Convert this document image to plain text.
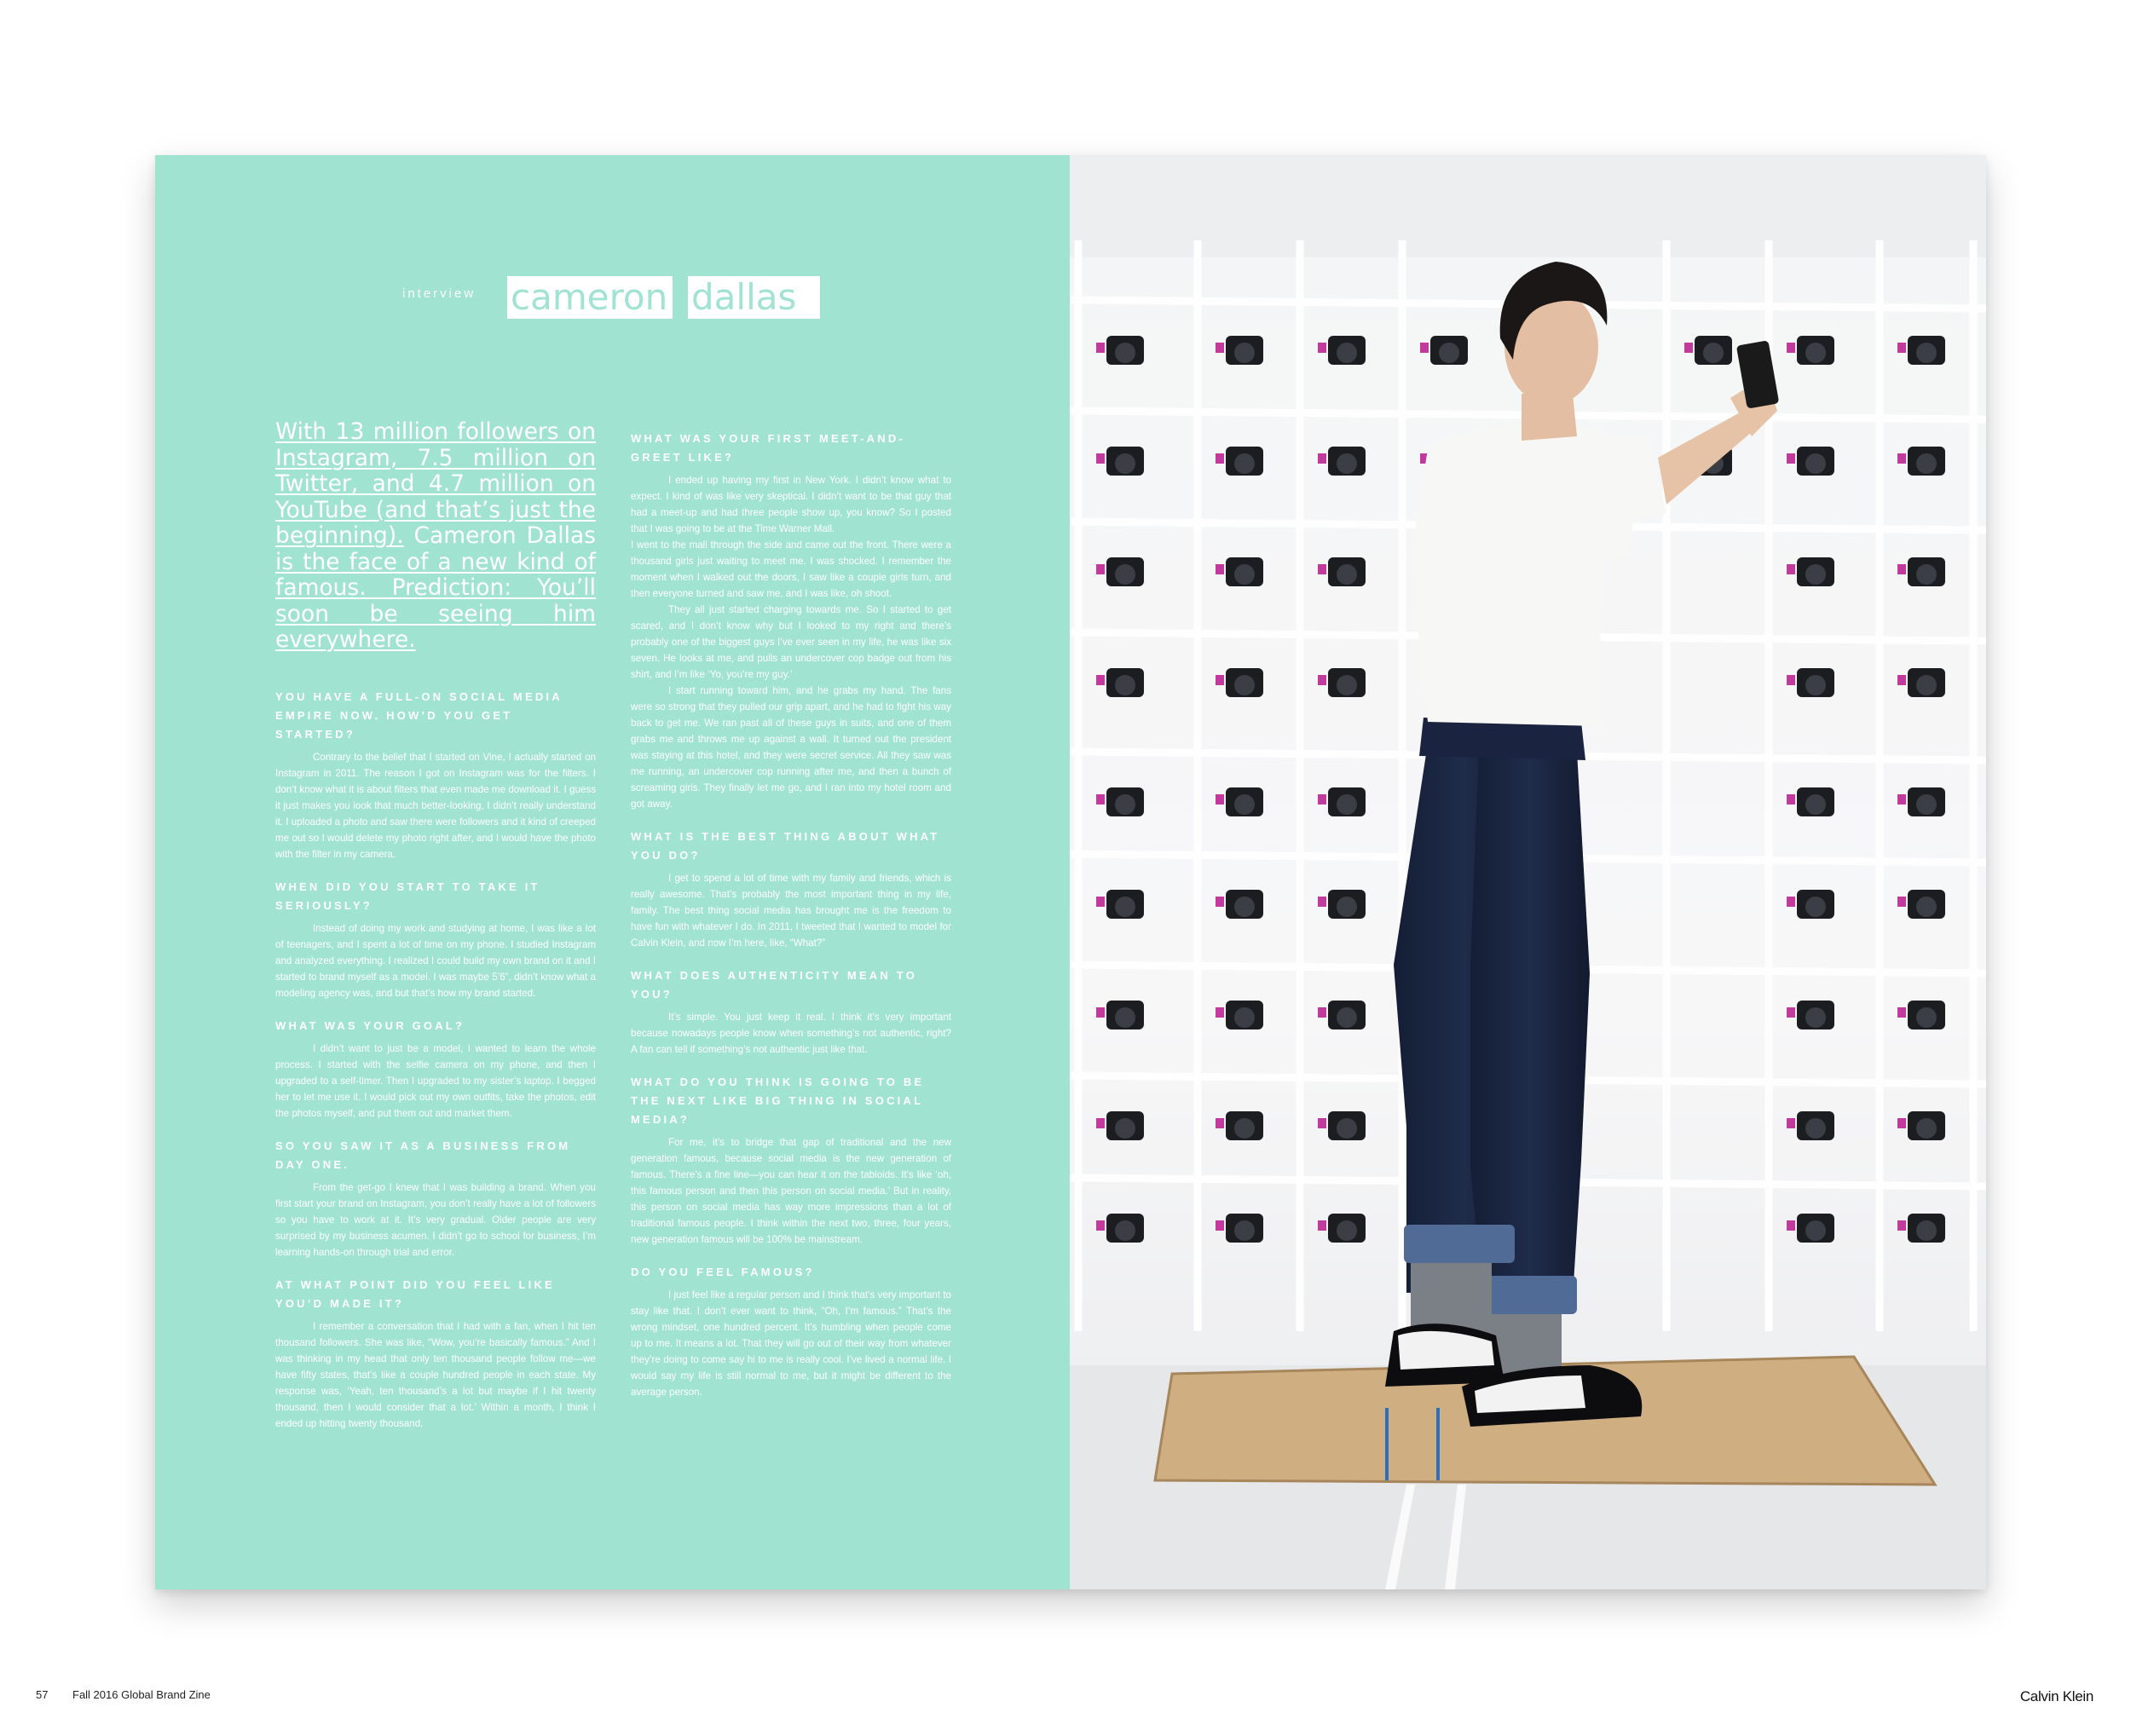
interview cameron dallas
With 13 million followers on Instagram, 7.5 million on Twitter, and 4.7 million on YouTube (and that’s just the beginning). Cameron Dallas is the face of a new kind of famous. Prediction: You’ll soon be seeing him everywhere.
YOU HAVE A FULL-ON SOCIAL MEDIA EMPIRE NOW. HOW’D YOU GET STARTED?

Contrary to the belief that I started on Vine, I actually started on Instagram in 2011. The reason I got on Instagram was for the filters. I don’t know what it is about filters that even made me download it. I guess it just makes you look that much better-looking, I didn’t really understand it. I uploaded a photo and saw there were followers and it kind of creeped me out so I would delete my photo right after, and I would have the photo with the filter in my camera.

WHEN DID YOU START TO TAKE IT SERIOUSLY?

Instead of doing my work and studying at home, I was like a lot of teenagers, and I spent a lot of time on my phone. I studied Instagram and analyzed everything. I realized I could build my own brand on it and I started to brand myself as a model. I was maybe 5’6”, didn’t know what a modeling agency was, and but that’s how my brand started.

WHAT WAS YOUR GOAL?

I didn’t want to just be a model, I wanted to learn the whole process. I started with the selfie camera on my phone, and then I upgraded to a self-timer. Then I upgraded to my sister’s laptop. I begged her to let me use it. I would pick out my own outfits, take the photos, edit the photos myself, and put them out and market them.

SO YOU SAW IT AS A BUSINESS FROM DAY ONE.

From the get-go I knew that I was building a brand. When you first start your brand on Instagram, you don’t really have a lot of followers so you have to work at it. It’s very gradual. Older people are very surprised by my business acumen. I didn’t go to school for business, I’m learning hands-on through trial and error.

AT WHAT POINT DID YOU FEEL LIKE YOU’D MADE IT?

I remember a conversation that I had with a fan, when I hit ten thousand followers. She was like, “Wow, you’re basically famous.” And I was thinking in my head that only ten thousand people follow me—we have fifty states, that’s like a couple hundred people in each state. My response was, ‘Yeah, ten thousand’s a lot but maybe if I hit twenty thousand, then I would consider that a lot.’ Within a month, I think I ended up hitting twenty thousand.

WHAT WAS YOUR FIRST MEET-AND-GREET LIKE?

I ended up having my first in New York. I didn’t know what to expect. I kind of was like very skeptical. I didn’t want to be that guy that had a meet-up and had three people show up, you know? So I posted that I was going to be at the Time Warner Mall.

I went to the mall through the side and came out the front. There were a thousand girls just waiting to meet me. I was shocked. I remember the moment when I walked out the doors, I saw like a couple girls turn, and then everyone turned and saw me, and I was like, oh shoot.

They all just started charging towards me. So I started to get scared, and I don’t know why but I looked to my right and there’s probably one of the biggest guys I’ve ever seen in my life, he was like six seven. He looks at me, and pulls an undercover cop badge out from his shirt, and I’m like ‘Yo, you’re my guy.’

I start running toward him, and he grabs my hand. The fans were so strong that they pulled our grip apart, and he had to fight his way back to get me. We ran past all of these guys in suits, and one of them grabs me and throws me up against a wall. It turned out the president was staying at this hotel, and they were secret service. All they saw was me running, an undercover cop running after me, and then a bunch of screaming girls. They finally let me go, and I ran into my hotel room and got away.

WHAT IS THE BEST THING ABOUT WHAT YOU DO?

I get to spend a lot of time with my family and friends, which is really awesome. That’s probably the most important thing in my life, family. The best thing social media has brought me is the freedom to have fun with whatever I do. In 2011, I tweeted that I wanted to model for Calvin Klein, and now I’m here, like, “What?”

WHAT DOES AUTHENTICITY MEAN TO YOU?

It’s simple. You just keep it real. I think it’s very important because nowadays people know when something’s not authentic, right? A fan can tell if something’s not authentic just like that.

WHAT DO YOU THINK IS GOING TO BE THE NEXT LIKE BIG THING IN SOCIAL MEDIA?

For me, it’s to bridge that gap of traditional and the new generation famous, because social media is the new generation of famous. There’s a fine line—you can hear it on the tabloids. It’s like ‘oh, this famous person and then this person on social media.’ But in reality, this person on social media has way more impressions than a lot of traditional famous people. I think within the next two, three, four years, new generation famous will be 100% be mainstream.

DO YOU FEEL FAMOUS?

I just feel like a regular person and I think that’s very important to stay like that. I don’t ever want to think, “Oh, I’m famous.” That’s the wrong mindset, one hundred percent. It’s humbling when people come up to me. It means a lot. That they will go out of their way from whatever they’re doing to come say hi to me is really cool. I’ve lived a normal life. I would say my life is still normal to me, but it might be different to the average person.

57 Fall 2016 Global Brand Zine	Calvin Klein
